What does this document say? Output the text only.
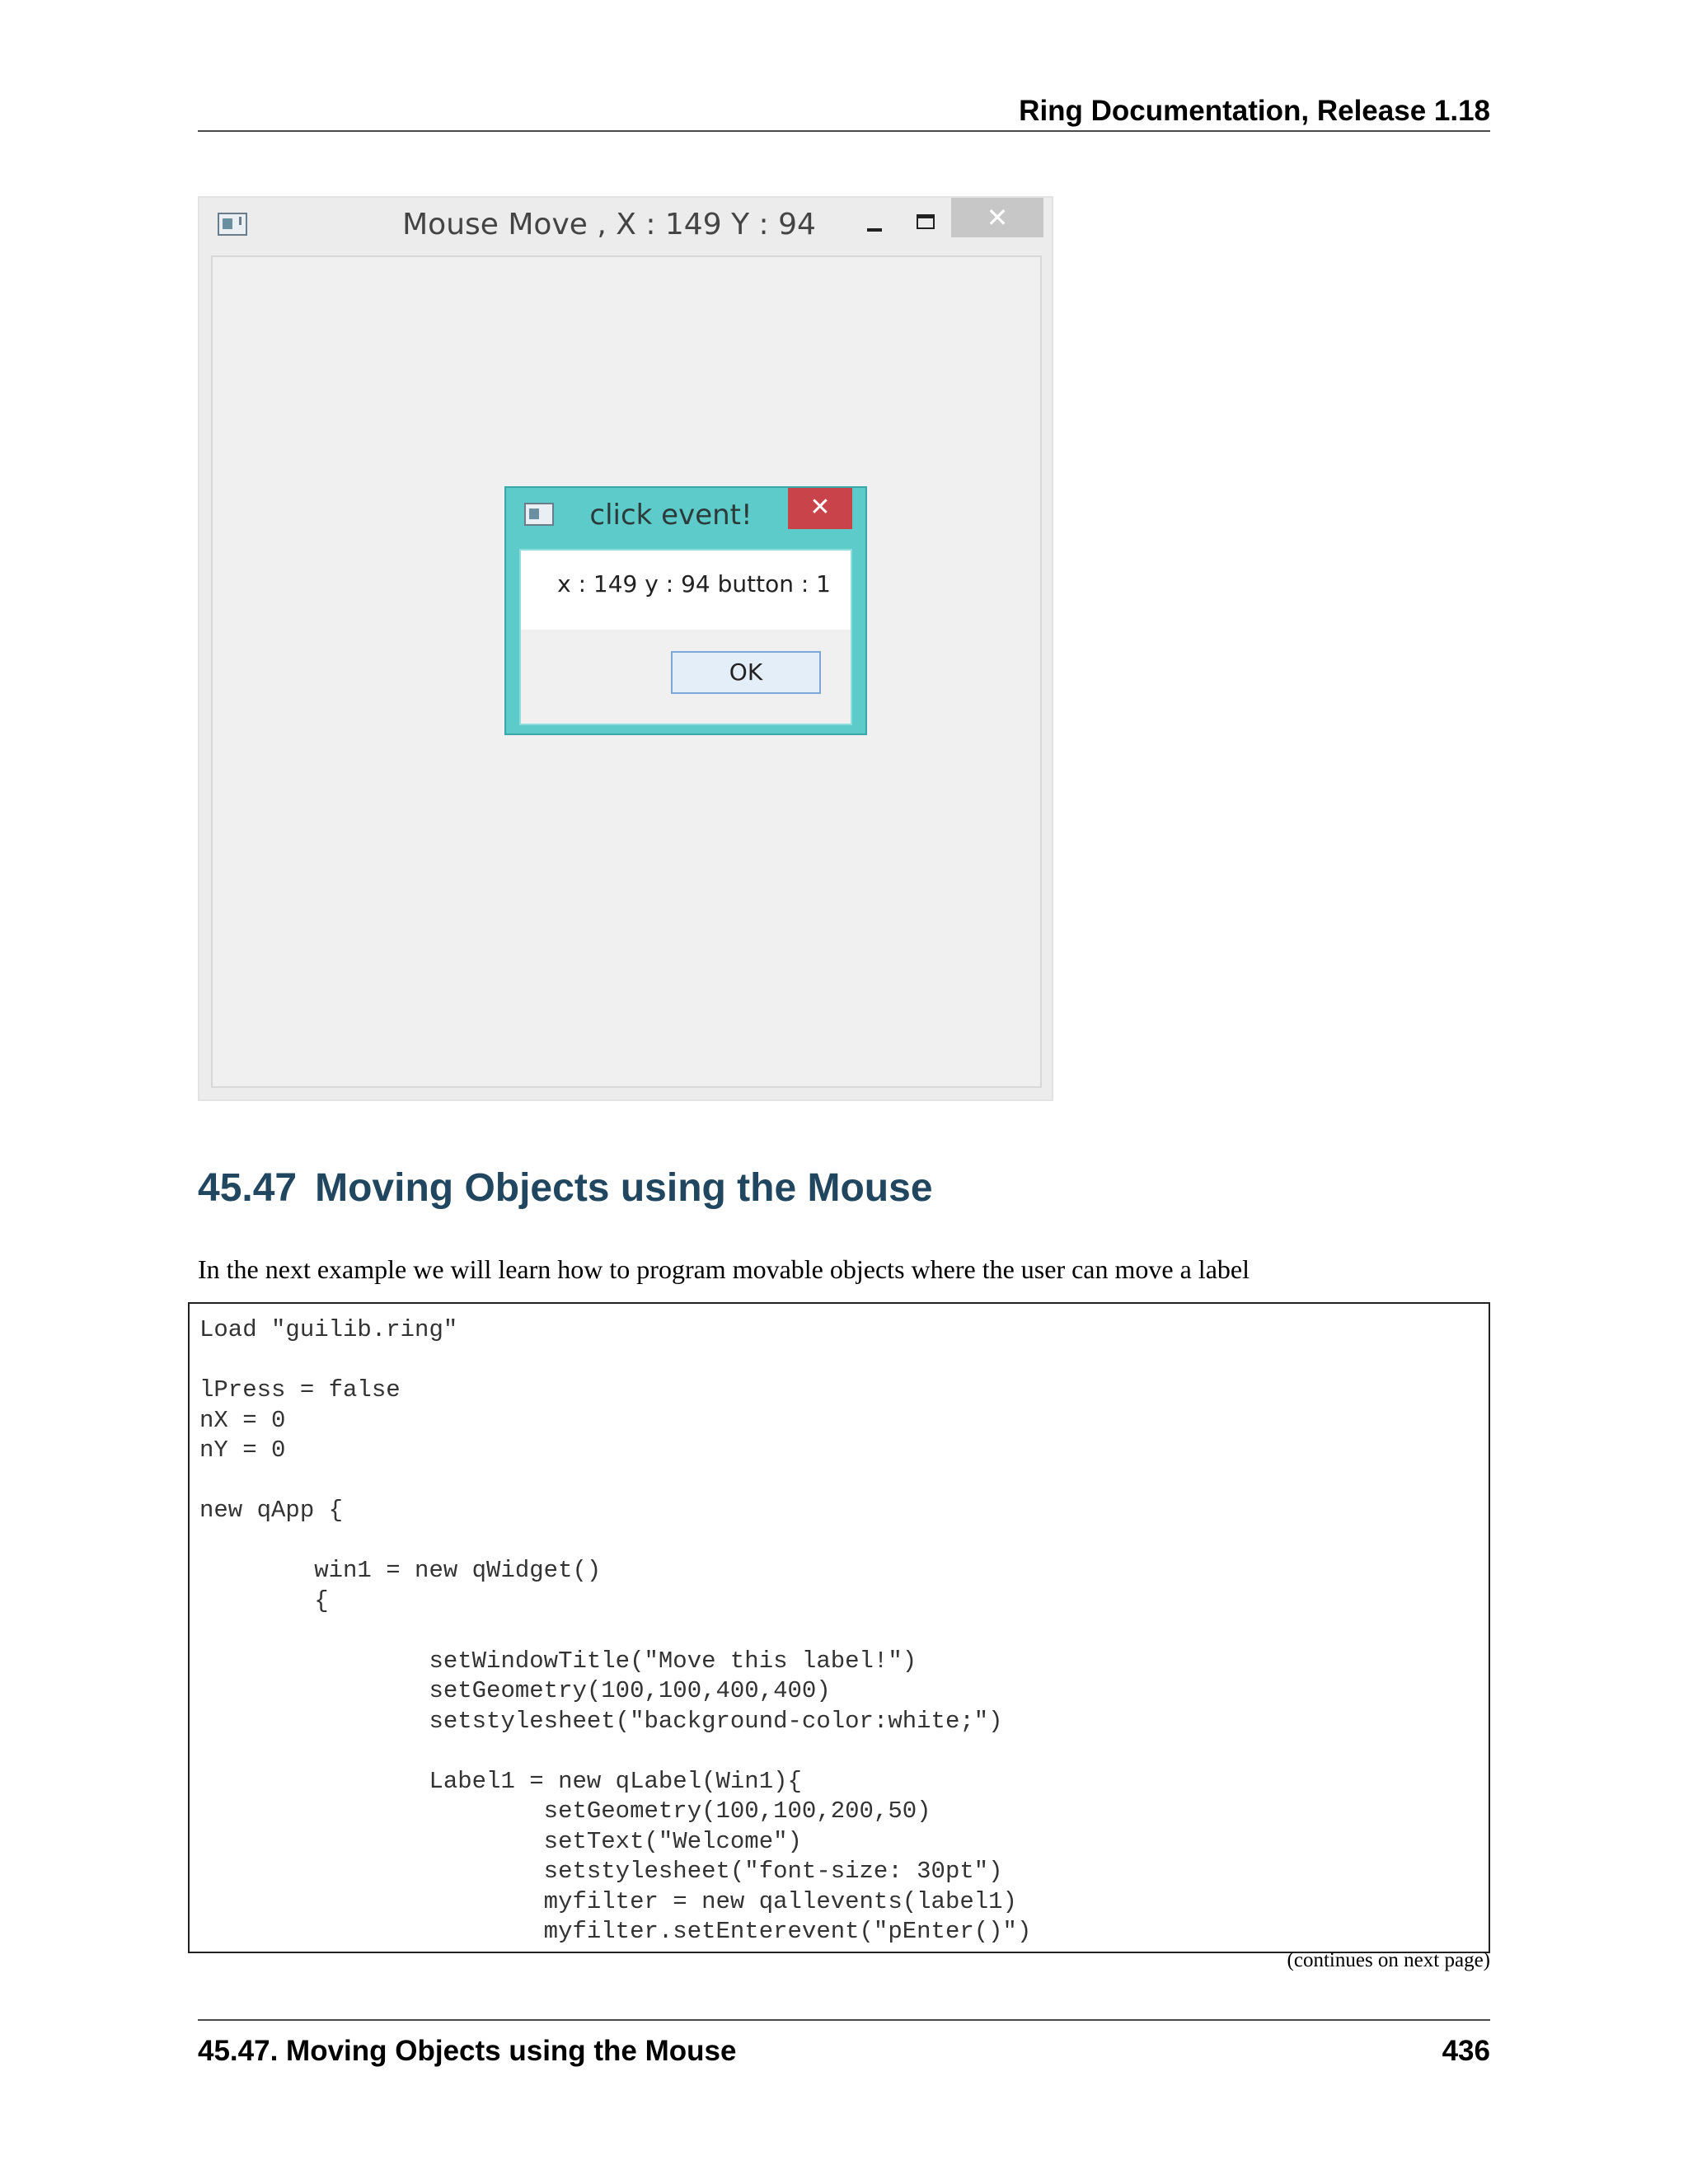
Ring Documentation, Release 1.18
Mouse Move , X : 149 Y : 94	✕
click event!	✕
x : 149 y : 94 button : 1
OK
45.47 Moving Objects using the Mouse
In the next example we will learn how to program movable objects where the user can move a label
Load "guilib.ring"

lPress = false
nX = 0
nY = 0

new qApp {

win1 = new qWidget()
{

setWindowTitle("Move this label!")
setGeometry(100,100,400,400)
setstylesheet("background-color:white;")

Label1 = new qLabel(Win1){
setGeometry(100,100,200,50)
setText("Welcome")
setstylesheet("font-size: 30pt")
myfilter = new qallevents(label1)
myfilter.setEnterevent("pEnter()")
(continues on next page)
45.47. Moving Objects using the Mouse	436
